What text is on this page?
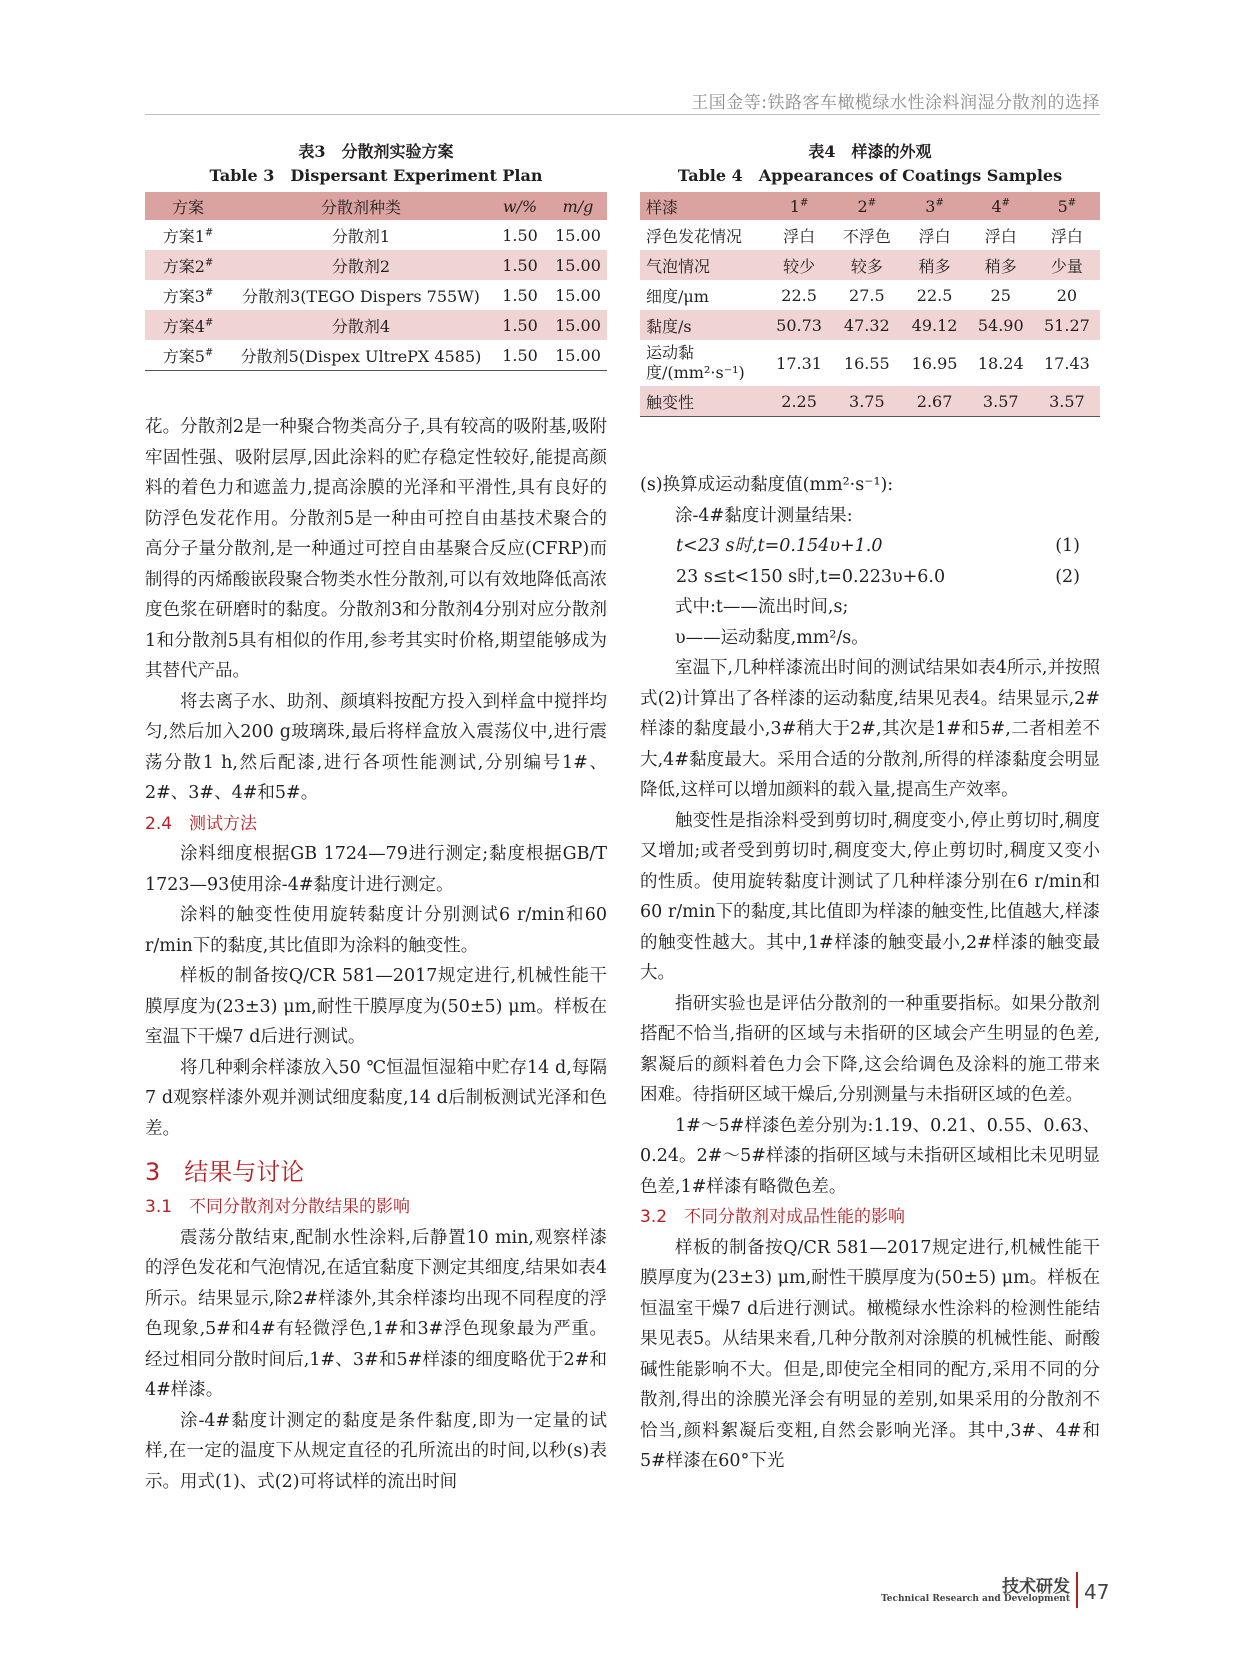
王国金等:铁路客车橄榄绿水性涂料润湿分散剂的选择
表3　分散剂实验方案
Table 3　Dispersant Experiment Plan
方案	分散剂种类	w/%	m/g
方案1#	分散剂1	1.50	15.00
方案2#	分散剂2	1.50	15.00
方案3#	分散剂3(TEGO Dispers 755W)	1.50	15.00
方案4#	分散剂4	1.50	15.00
方案5#	分散剂5(Dispex UltrePX 4585)	1.50	15.00
表4　样漆的外观
Table 4　Appearances of Coatings Samples
样漆	1#	2#	3#	4#	5#
浮色发花情况	浮白	不浮色	浮白	浮白	浮白
气泡情况	较少	较多	稍多	稍多	少量
细度/μm	22.5	27.5	22.5	25	20
黏度/s	50.73	47.32	49.12	54.90	51.27
运动黏度/(mm²·s⁻¹)	17.31	16.55	16.95	18.24	17.43
触变性	2.25	3.75	2.67	3.57	3.57

花。分散剂2是一种聚合物类高分子,具有较高的吸附基,吸附牢固性强、吸附层厚,因此涂料的贮存稳定性较好,能提高颜料的着色力和遮盖力,提高涂膜的光泽和平滑性,具有良好的防浮色发花作用。分散剂5是一种由可控自由基技术聚合的高分子量分散剂,是一种通过可控自由基聚合反应(CFRP)而制得的丙烯酸嵌段聚合物类水性分散剂,可以有效地降低高浓度色浆在研磨时的黏度。分散剂3和分散剂4分别对应分散剂1和分散剂5具有相似的作用,参考其实时价格,期望能够成为其替代产品。

将去离子水、助剂、颜填料按配方投入到样盒中搅拌均匀,然后加入200 g玻璃珠,最后将样盒放入震荡仪中,进行震荡分散1 h,然后配漆,进行各项性能测试,分别编号1#、2#、3#、4#和5#。

2.4　测试方法

涂料细度根据GB 1724—79进行测定;黏度根据GB/T 1723—93使用涂-4#黏度计进行测定。

涂料的触变性使用旋转黏度计分别测试6 r/min和60 r/min下的黏度,其比值即为涂料的触变性。

样板的制备按Q/CR 581—2017规定进行,机械性能干膜厚度为(23±3) μm,耐性干膜厚度为(50±5) μm。样板在室温下干燥7 d后进行测试。

将几种剩余样漆放入50 ℃恒温恒湿箱中贮存14 d,每隔7 d观察样漆外观并测试细度黏度,14 d后制板测试光泽和色差。

3　结果与讨论

3.1　不同分散剂对分散结果的影响

震荡分散结束,配制水性涂料,后静置10 min,观察样漆的浮色发花和气泡情况,在适宜黏度下测定其细度,结果如表4所示。结果显示,除2#样漆外,其余样漆均出现不同程度的浮色现象,5#和4#有轻微浮色,1#和3#浮色现象最为严重。经过相同分散时间后,1#、3#和5#样漆的细度略优于2#和4#样漆。

涂-4#黏度计测定的黏度是条件黏度,即为一定量的试样,在一定的温度下从规定直径的孔所流出的时间,以秒(s)表示。用式(1)、式(2)可将试样的流出时间

(s)换算成运动黏度值(mm²·s⁻¹):

涂-4#黏度计测量结果:

t<23 s时,t=0.154υ+1.0	(1)
23 s≤t<150 s时,t=0.223υ+6.0	(2)

式中:t——流出时间,s;

υ——运动黏度,mm²/s。

室温下,几种样漆流出时间的测试结果如表4所示,并按照式(2)计算出了各样漆的运动黏度,结果见表4。结果显示,2#样漆的黏度最小,3#稍大于2#,其次是1#和5#,二者相差不大,4#黏度最大。采用合适的分散剂,所得的样漆黏度会明显降低,这样可以增加颜料的载入量,提高生产效率。

触变性是指涂料受到剪切时,稠度变小,停止剪切时,稠度又增加;或者受到剪切时,稠度变大,停止剪切时,稠度又变小的性质。使用旋转黏度计测试了几种样漆分别在6 r/min和60 r/min下的黏度,其比值即为样漆的触变性,比值越大,样漆的触变性越大。其中,1#样漆的触变最小,2#样漆的触变最大。

指研实验也是评估分散剂的一种重要指标。如果分散剂搭配不恰当,指研的区域与未指研的区域会产生明显的色差,絮凝后的颜料着色力会下降,这会给调色及涂料的施工带来困难。待指研区域干燥后,分别测量与未指研区域的色差。

1#～5#样漆色差分别为:1.19、0.21、0.55、0.63、0.24。2#～5#样漆的指研区域与未指研区域相比未见明显色差,1#样漆有略微色差。

3.2　不同分散剂对成品性能的影响

样板的制备按Q/CR 581—2017规定进行,机械性能干膜厚度为(23±3) μm,耐性干膜厚度为(50±5) μm。样板在恒温室干燥7 d后进行测试。橄榄绿水性涂料的检测性能结果见表5。从结果来看,几种分散剂对涂膜的机械性能、耐酸碱性能影响不大。但是,即使完全相同的配方,采用不同的分散剂,得出的涂膜光泽会有明显的差别,如果采用的分散剂不恰当,颜料絮凝后变粗,自然会影响光泽。其中,3#、4#和5#样漆在60°下光

技术研发
Technical Research and Development 47
